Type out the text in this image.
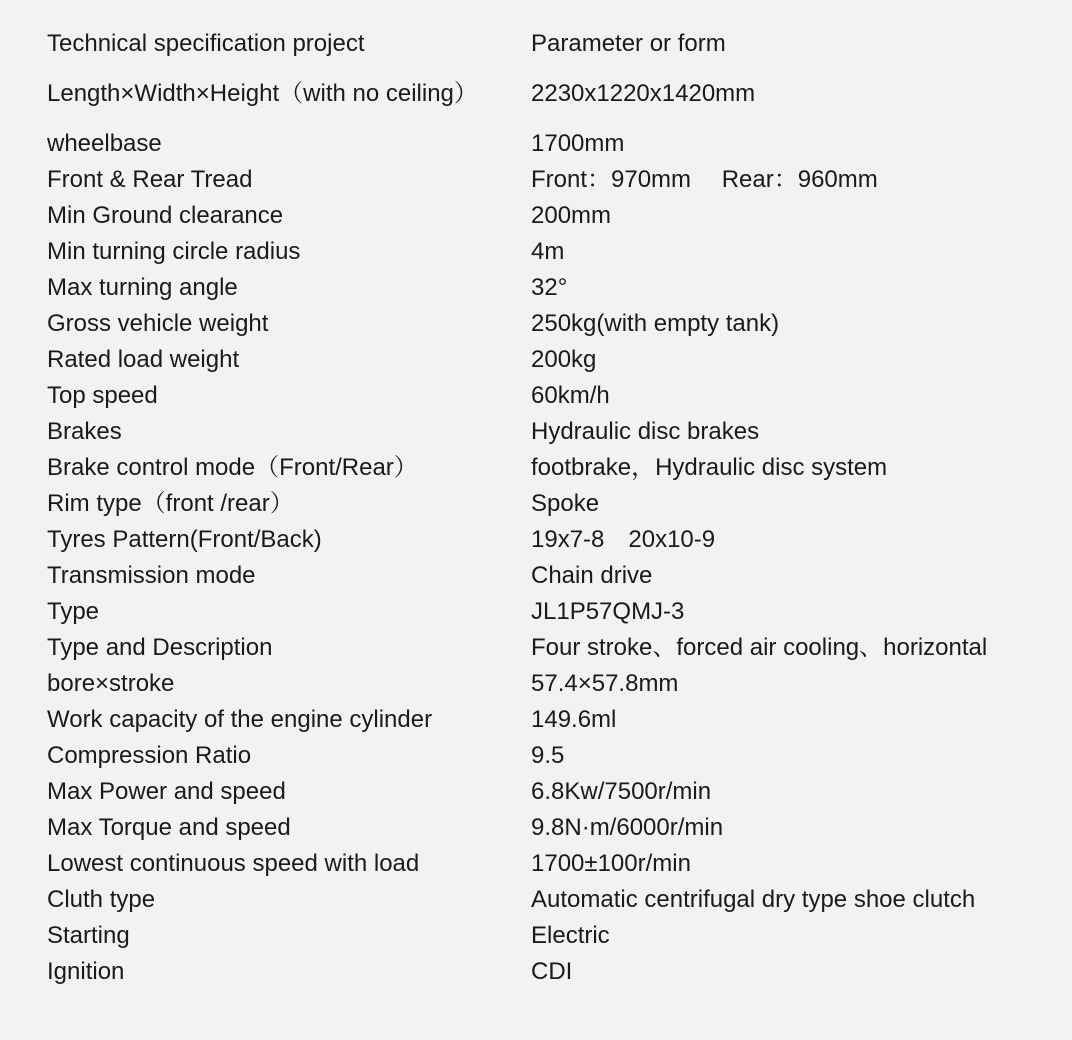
Technical specification project	Parameter or form
Length×Width×Height（with no ceiling）	2230x1220x1420mm
wheelbase	1700mm
Front & Rear Tread	Front：970mm　 Rear：960mm
Min Ground clearance	200mm
Min turning circle radius	4m
Max turning angle	32°
Gross vehicle weight	250kg(with empty tank)
Rated load weight	200kg
Top speed	60km/h
Brakes	Hydraulic disc brakes
Brake control mode（Front/Rear）	footbrake，Hydraulic disc system
Rim type（front /rear）	Spoke
Tyres Pattern(Front/Back)	19x7-8　20x10-9
Transmission mode	Chain drive
Type	JL1P57QMJ-3
Type and Description	Four stroke、forced air cooling、horizontal
bore×stroke	57.4×57.8mm
Work capacity of the engine cylinder	149.6ml
Compression Ratio	9.5
Max Power and speed	6.8Kw/7500r/min
Max Torque and speed	9.8N·m/6000r/min
Lowest continuous speed with load	1700±100r/min
Cluth type	Automatic centrifugal dry type shoe clutch
Starting	Electric
Ignition	CDI
